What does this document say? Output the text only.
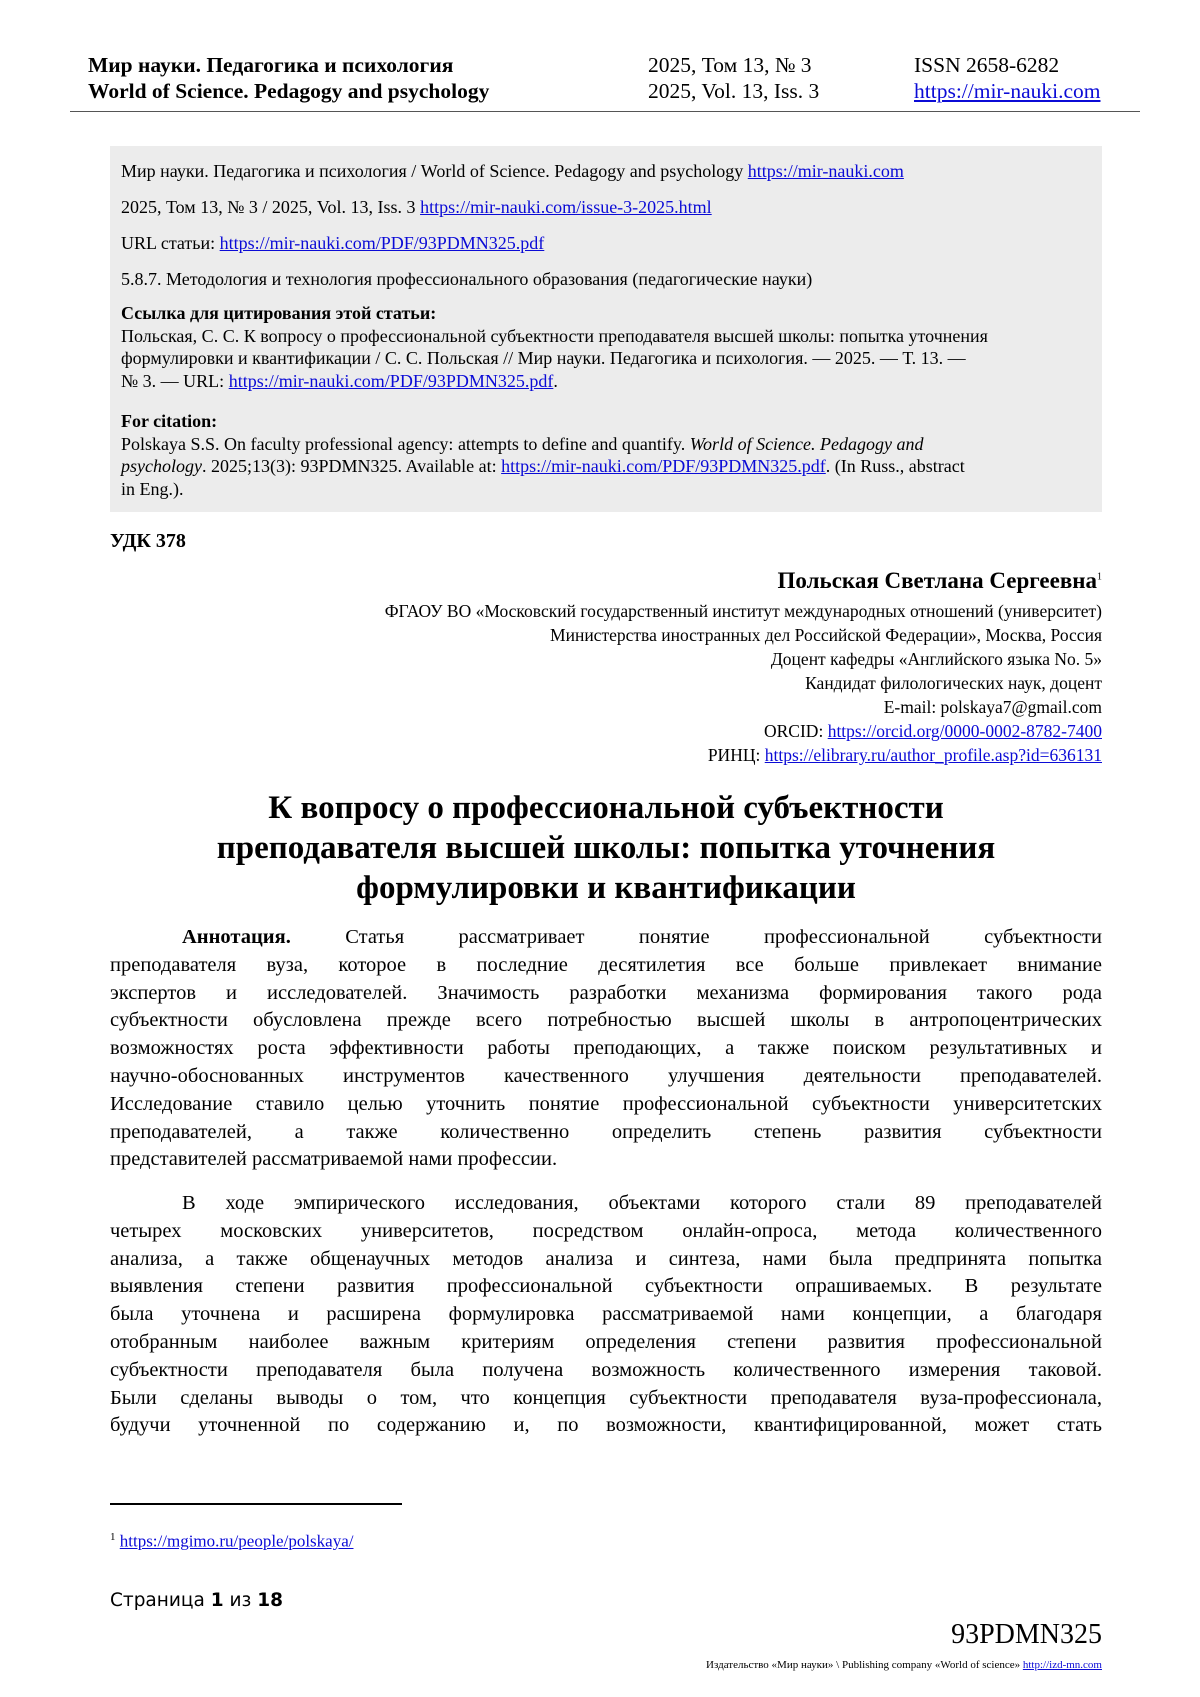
Мир науки. Педагогика и психология
World of Science. Pedagogy and psychology
2025, Том 13, № 3
2025, Vol. 13, Iss. 3
ISSN 2658-6282
https://mir-nauki.com
Мир науки. Педагогика и психология / World of Science. Pedagogy and psychology https://mir-nauki.com
2025, Том 13, № 3 / 2025, Vol. 13, Iss. 3 https://mir-nauki.com/issue-3-2025.html
URL статьи: https://mir-nauki.com/PDF/93PDMN325.pdf
5.8.7. Методология и технология профессионального образования (педагогические науки)
Ссылка для цитирования этой статьи:
Польская, С. С. К вопросу о профессиональной субъектности преподавателя высшей школы: попытка уточнения
формулировки и квантификации / С. С. Польская // Мир науки. Педагогика и психология. — 2025. — Т. 13. —
№ 3. — URL: https://mir-nauki.com/PDF/93PDMN325.pdf.
For citation:
Polskaya S.S. On faculty professional agency: attempts to define and quantify. World of Science. Pedagogy and
psychology. 2025;13(3): 93PDMN325. Available at: https://mir-nauki.com/PDF/93PDMN325.pdf. (In Russ., abstract
in Eng.).
УДК 378
Польская Светлана Сергеевна$^1$
ФГАОУ ВО «Московский государственный институт международных отношений (университет)
Министерства иностранных дел Российской Федерации», Москва, Россия
Доцент кафедры «Английского языка No. 5»
Кандидат филологических наук, доцент
E-mail: polskaya7@gmail.com
ORCID: https://orcid.org/0000-0002-8782-7400
РИНЦ: https://elibrary.ru/author_profile.asp?id=636131
К вопросу о профессиональной субъектности
преподавателя высшей школы: попытка уточнения
формулировки и квантификации
Аннотация. Статья рассматривает понятие профессиональной субъектности
преподавателя вуза, которое в последние десятилетия все больше привлекает внимание
экспертов и исследователей. Значимость разработки механизма формирования такого рода
субъектности обусловлена прежде всего потребностью высшей школы в антропоцентрических
возможностях роста эффективности работы преподающих, а также поиском результативных и
научно-обоснованных инструментов качественного улучшения деятельности преподавателей.
Исследование ставило целью уточнить понятие профессиональной субъектности университетских
преподавателей, а также количественно определить степень развития субъектности
представителей рассматриваемой нами профессии.
В ходе эмпирического исследования, объектами которого стали 89 преподавателей
четырех московских университетов, посредством онлайн-опроса, метода количественного
анализа, а также общенаучных методов анализа и синтеза, нами была предпринята попытка
выявления степени развития профессиональной субъектности опрашиваемых. В результате
была уточнена и расширена формулировка рассматриваемой нами концепции, а благодаря
отобранным наиболее важным критериям определения степени развития профессиональной
субъектности преподавателя была получена возможность количественного измерения таковой.
Были сделаны выводы о том, что концепция субъектности преподавателя вуза-профессионала,
будучи уточненной по содержанию и, по возможности, квантифицированной, может стать
$^1$ https://mgimo.ru/people/polskaya/
Страница 1 из 18
93PDMN325
Издательство «Мир науки» \ Publishing company «World of science» http://izd-mn.com
